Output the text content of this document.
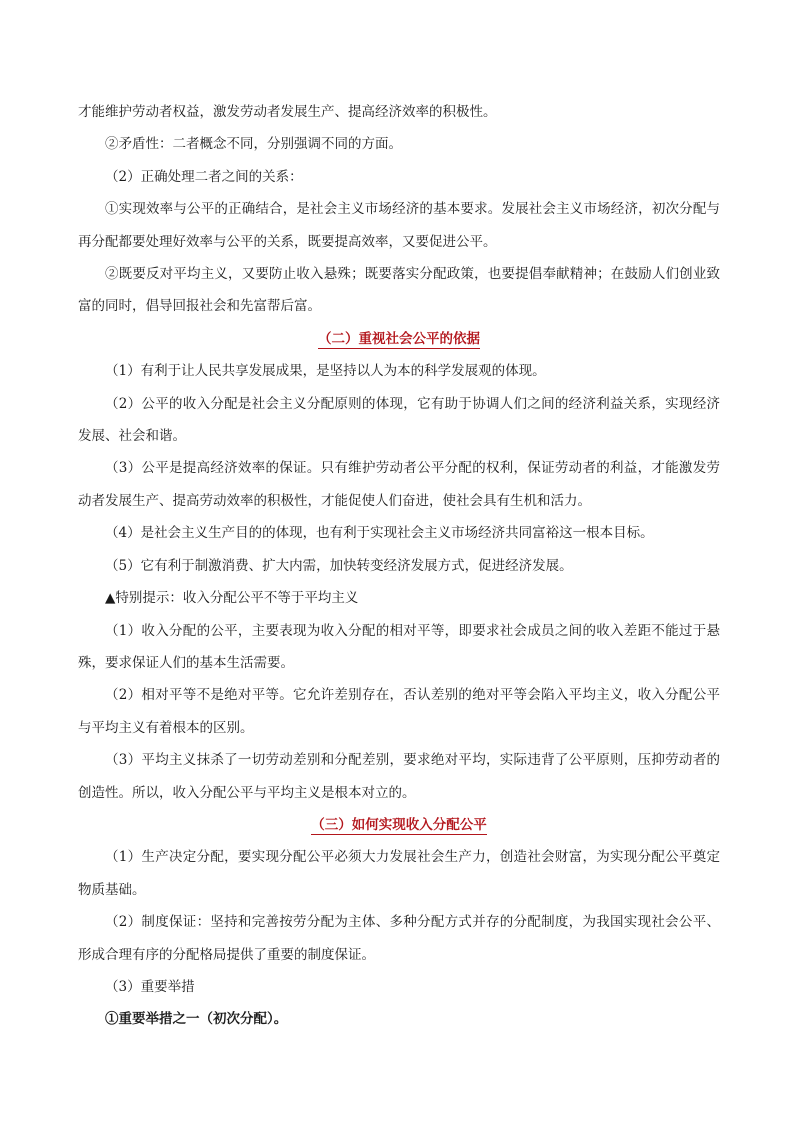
才能维护劳动者权益，激发劳动者发展生产、提高经济效率的积极性。

②矛盾性：二者概念不同，分别强调不同的方面。

（2）正确处理二者之间的关系：

①实现效率与公平的正确结合，是社会主义市场经济的基本要求。发展社会主义市场经济，初次分配与再分配都要处理好效率与公平的关系，既要提高效率，又要促进公平。

②既要反对平均主义，又要防止收入悬殊；既要落实分配政策，也要提倡奉献精神；在鼓励人们创业致富的同时，倡导回报社会和先富帮后富。

（二）重视社会公平的依据

（1）有利于让人民共享发展成果，是坚持以人为本的科学发展观的体现。

（2）公平的收入分配是社会主义分配原则的体现，它有助于协调人们之间的经济利益关系，实现经济发展、社会和谐。

（3）公平是提高经济效率的保证。只有维护劳动者公平分配的权利，保证劳动者的利益，才能激发劳动者发展生产、提高劳动效率的积极性，才能促使人们奋进，使社会具有生机和活力。

（4）是社会主义生产目的的体现，也有利于实现社会主义市场经济共同富裕这一根本目标。

（5）它有利于制激消费、扩大内需，加快转变经济发展方式，促进经济发展。

▲特别提示：收入分配公平不等于平均主义

（1）收入分配的公平，主要表现为收入分配的相对平等，即要求社会成员之间的收入差距不能过于悬殊，要求保证人们的基本生活需要。

（2）相对平等不是绝对平等。它允许差别存在，否认差别的绝对平等会陷入平均主义，收入分配公平与平均主义有着根本的区别。

（3）平均主义抹杀了一切劳动差别和分配差别，要求绝对平均，实际违背了公平原则，压抑劳动者的创造性。所以，收入分配公平与平均主义是根本对立的。

（三）如何实现收入分配公平

（1）生产决定分配，要实现分配公平必须大力发展社会生产力，创造社会财富，为实现分配公平奠定物质基础。

（2）制度保证：坚持和完善按劳分配为主体、多种分配方式并存的分配制度，为我国实现社会公平、形成合理有序的分配格局提供了重要的制度保证。

（3）重要举措

①重要举措之一（初次分配）。
